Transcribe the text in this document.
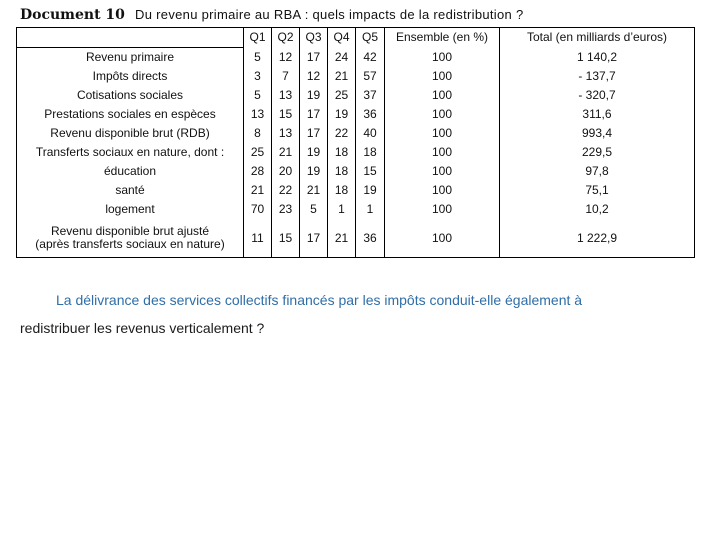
Document 10 Du revenu primaire au RBA : quels impacts de la redistribution ?
	Q1	Q2	Q3	Q4	Q5	Ensemble (en %)	Total (en milliards d’euros)
Revenu primaire	5	12	17	24	42	100	1 140,2
Impôts directs	3	7	12	21	57	100	- 137,7
Cotisations sociales	5	13	19	25	37	100	- 320,7
Prestations sociales en espèces	13	15	17	19	36	100	311,6
Revenu disponible brut (RDB)	8	13	17	22	40	100	993,4
Transferts sociaux en nature, dont :	25	21	19	18	18	100	229,5
éducation	28	20	19	18	15	100	97,8
santé	21	22	21	18	19	100	75,1
logement	70	23	5	1	1	100	10,2

Revenu disponible brut ajusté
(après transferts sociaux en nature)	11	15	17	21	36	100	1 222,9
La délivrance des services collectifs financés par les impôts conduit-elle également à
redistribuer les revenus verticalement ?
